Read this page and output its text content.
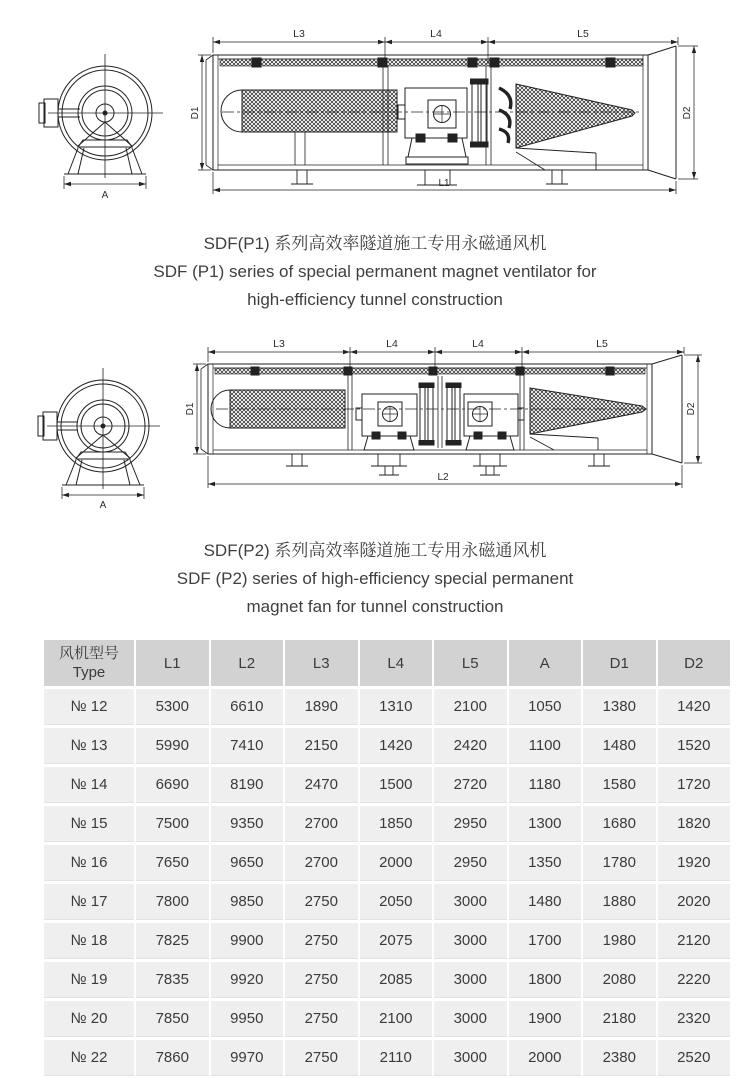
A
L3	L4	L5
D1	D2
L1
SDF(P1) 系列高效率隧道施工专用永磁通风机
SDF (P1) series of special permanent magnet ventilator for
high-efficiency tunnel construction
A
L3	L4	L4	L5
D1	D2
L2
SDF(P2) 系列高效率隧道施工专用永磁通风机
SDF (P2) series of high-efficiency special permanent
magnet fan for tunnel construction
风机型号
Type	L1	L2	L3	L4	L5	A	D1	D2
№ 12	5300	6610	1890	1310	2100	1050	1380	1420
№ 13	5990	7410	2150	1420	2420	1100	1480	1520
№ 14	6690	8190	2470	1500	2720	1180	1580	1720
№ 15	7500	9350	2700	1850	2950	1300	1680	1820
№ 16	7650	9650	2700	2000	2950	1350	1780	1920
№ 17	7800	9850	2750	2050	3000	1480	1880	2020
№ 18	7825	9900	2750	2075	3000	1700	1980	2120
№ 19	7835	9920	2750	2085	3000	1800	2080	2220
№ 20	7850	9950	2750	2100	3000	1900	2180	2320
№ 22	7860	9970	2750	2110	3000	2000	2380	2520
